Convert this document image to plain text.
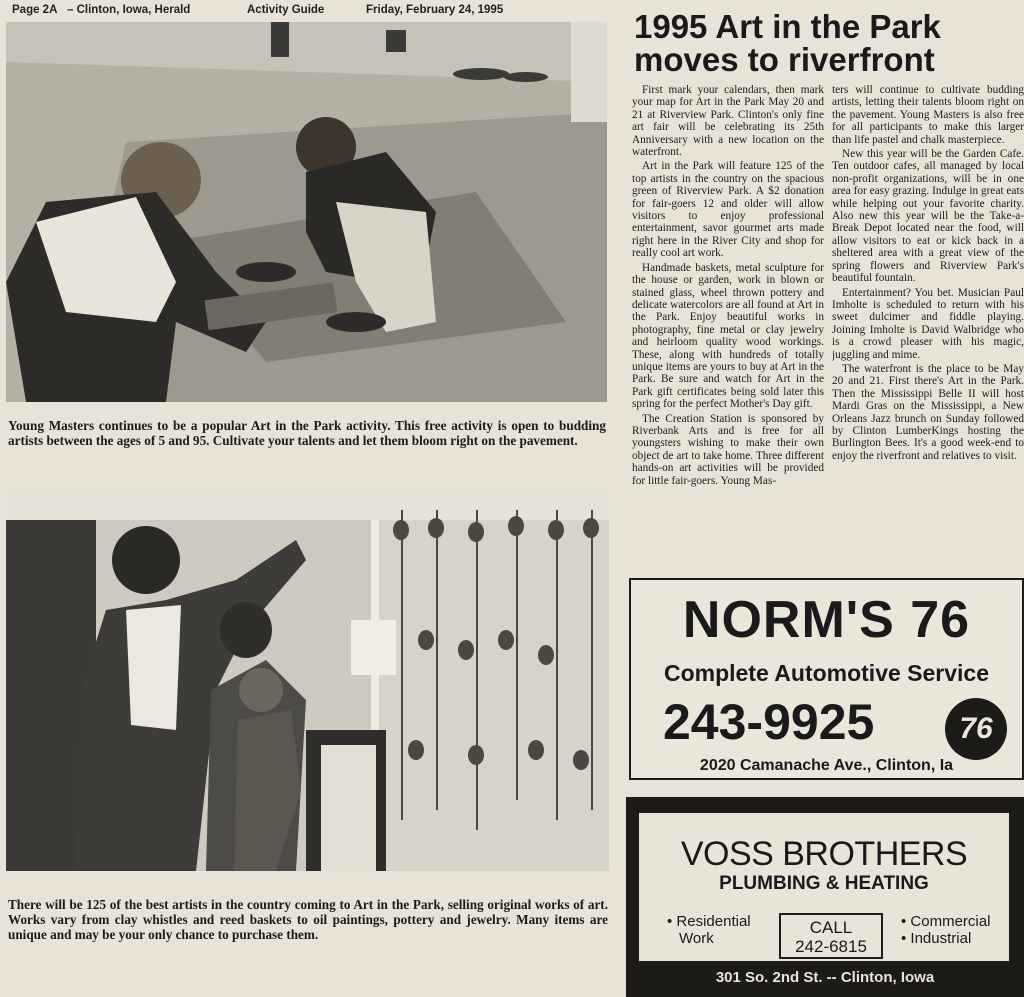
Page 2A – Clinton, Iowa, Herald	Activity Guide	Friday, February 24, 1995
Young Masters continues to be a popular Art in the Park activity. This free activity is open to budding artists between the ages of 5 and 95. Cultivate your talents and let them bloom right on the pavement.
There will be 125 of the best artists in the country coming to Art in the Park, selling original works of art. Works vary from clay whistles and reed baskets to oil paintings, pottery and jewelry. Many items are unique and may be your only chance to purchase them.
1995 Art in the Park
moves to riverfront

First mark your calendars, then mark your map for Art in the Park May 20 and 21 at Riverview Park. Clinton's only fine art fair will be celebrating its 25th Anniversary with a new location on the waterfront.

Art in the Park will feature 125 of the top artists in the country on the spacious green of Riverview Park. A $2 donation for fair-goers 12 and older will allow visitors to enjoy professional entertainment, savor gourmet arts made right here in the River City and shop for really cool art work.

Handmade baskets, metal sculpture for the house or garden, work in blown or stained glass, wheel thrown pottery and delicate watercolors are all found at Art in the Park. Enjoy beautiful works in photography, fine metal or clay jewelry and heirloom quality wood workings. These, along with hundreds of totally unique items are yours to buy at Art in the Park. Be sure and watch for Art in the Park gift certificates being sold later this spring for the perfect Mother's Day gift.

The Creation Station is sponsored by Riverbank Arts and is free for all youngsters wishing to make their own object de art to take home. Three different hands-on art activities will be provided for little fair-goers. Young Mas-

ters will continue to cultivate budding artists, letting their talents bloom right on the pavement. Young Masters is also free for all participants to make this larger than life pastel and chalk masterpiece.

New this year will be the Garden Cafe. Ten outdoor cafes, all managed by local non-profit organizations, will be in one area for easy grazing. Indulge in great eats while helping out your favorite charity. Also new this year will be the Take-a-Break Depot located near the food, will allow visitors to eat or kick back in a sheltered area with a great view of the spring flowers and Riverview Park's beautiful fountain.

Entertainment? You bet. Musician Paul Imholte is scheduled to return with his sweet dulcimer and fiddle playing. Joining Imholte is David Walbridge who is a crowd pleaser with his magic, juggling and mime.

The waterfront is the place to be May 20 and 21. First there's Art in the Park. Then the Mississippi Belle II will host Mardi Gras on the Mississippi, a New Orleans Jazz brunch on Sunday followed by Clinton LumberKings hosting the Burlington Bees. It's a good week-end to enjoy the riverfront and relatives to visit.

NORM'S 76
Complete Automotive Service
243-9925	76
2020 Camanache Ave., Clinton, Ia
VOSS BROTHERS
PLUMBING & HEATING
• Residential
Work
CALL
242-6815
• Commercial
• Industrial
301 So. 2nd St. -- Clinton, Iowa
